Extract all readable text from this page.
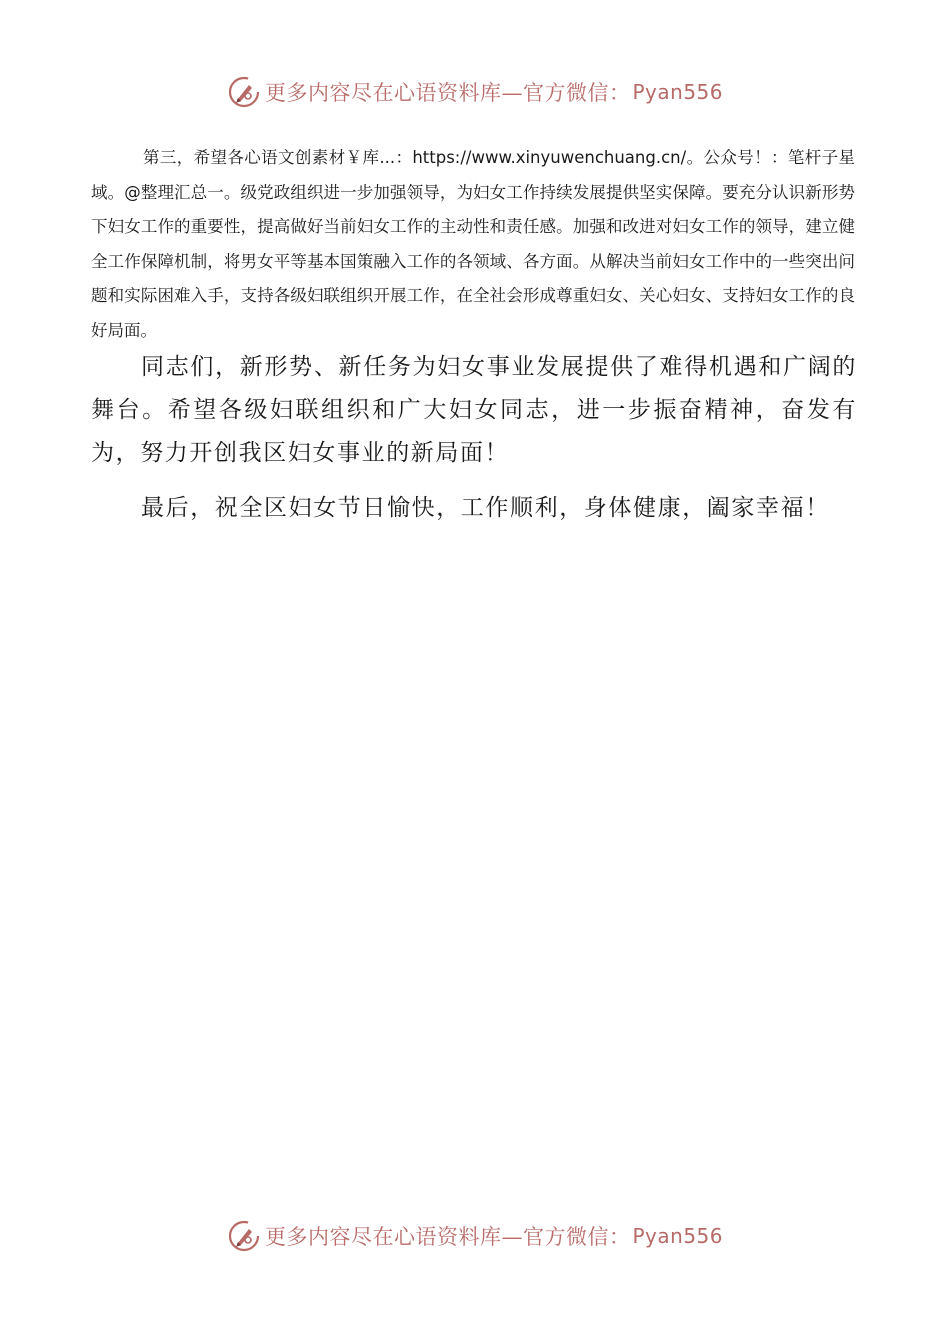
更多内容尽在心语资料库—官方微信： Pyan556

第三，希望各心语文创素材￥库...：https://www.xinyuwenchuang.cn/。公众号！：笔杆子星域。@整理汇总一。级党政组织进一步加强领导，为妇女工作持续发展提供坚实保障。要充分认识新形势下妇女工作的重要性，提高做好当前妇女工作的主动性和责任感。加强和改进对妇女工作的领导，建立健全工作保障机制，将男女平等基本国策融入工作的各领域、各方面。从解决当前妇女工作中的一些突出问题和实际困难入手，支持各级妇联组织开展工作，在全社会形成尊重妇女、关心妇女、支持妇女工作的良好局面。

同志们，新形势、新任务为妇女事业发展提供了难得机遇和广阔的舞台。希望各级妇联组织和广大妇女同志，进一步振奋精神，奋发有为，努力开创我区妇女事业的新局面！

最后，祝全区妇女节日愉快，工作顺利，身体健康，阖家幸福！

更多内容尽在心语资料库—官方微信： Pyan556
